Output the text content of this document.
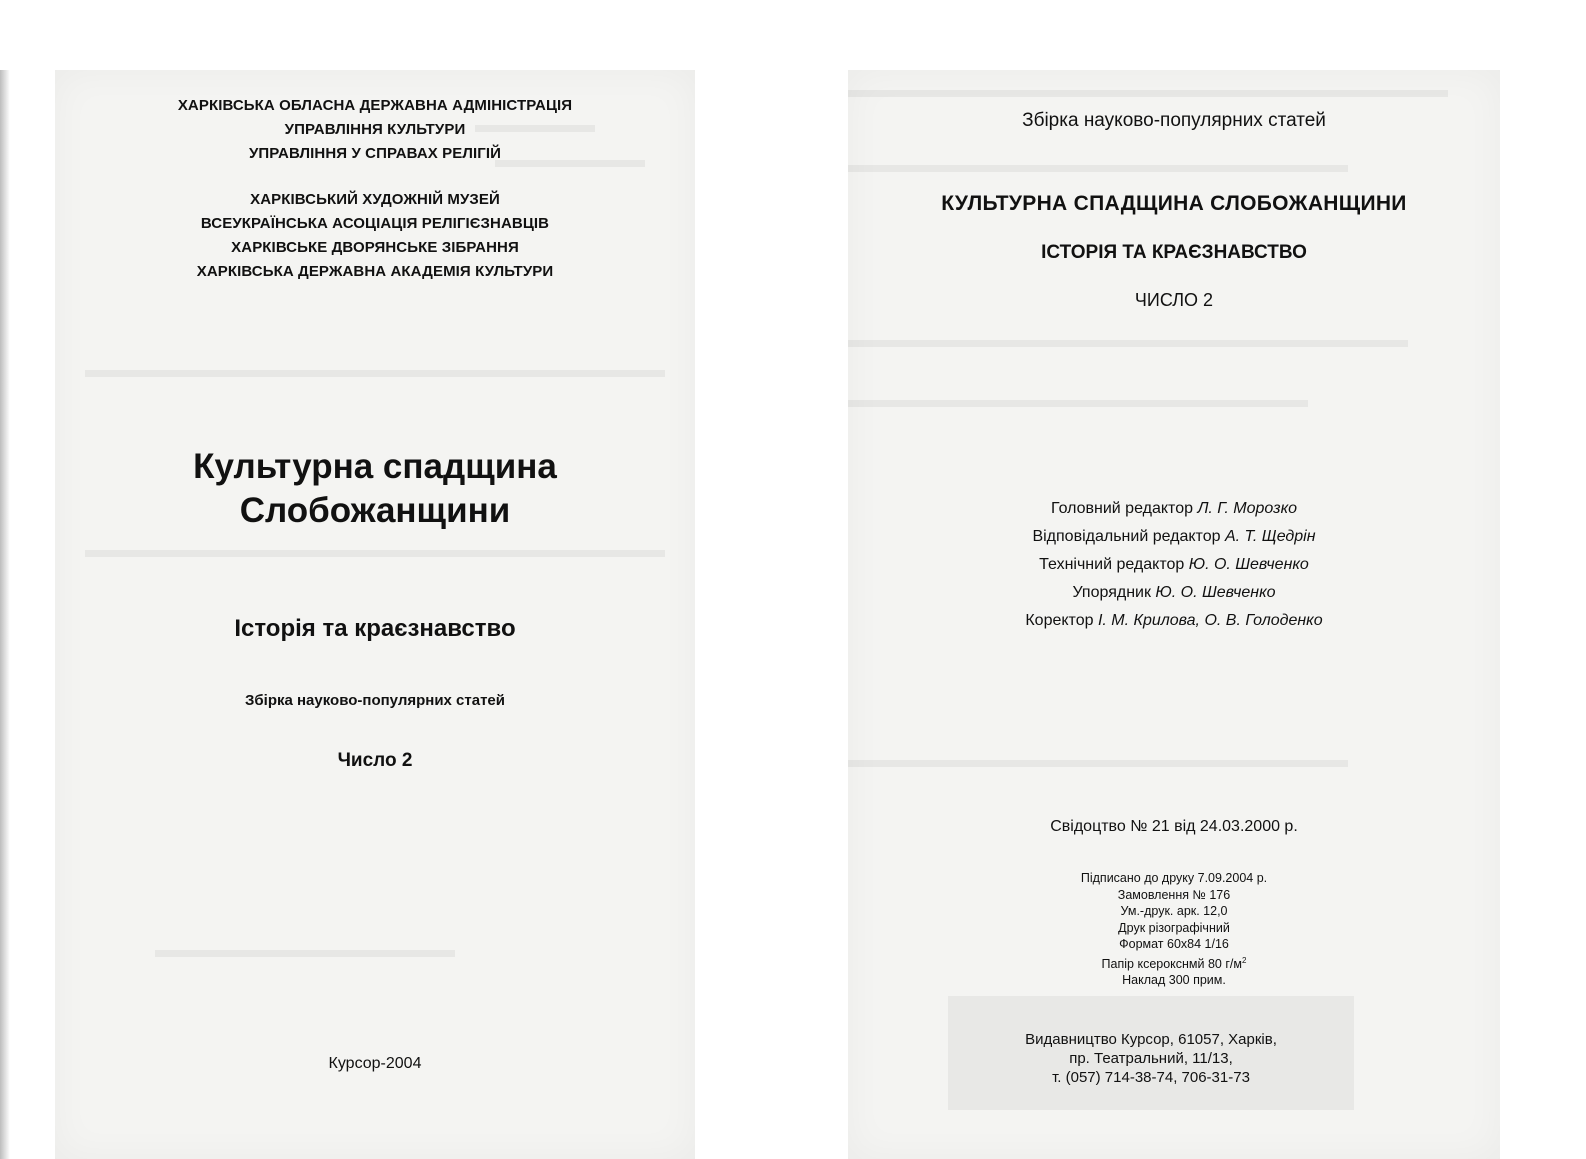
ХАРКІВСЬКА ОБЛАСНА ДЕРЖАВНА АДМІНІСТРАЦІЯ
УПРАВЛІННЯ КУЛЬТУРИ
УПРАВЛІННЯ У СПРАВАХ РЕЛІГІЙ
ХАРКІВСЬКИЙ ХУДОЖНІЙ МУЗЕЙ
ВСЕУКРАЇНСЬКА АСОЦІАЦІЯ РЕЛІГІЄЗНАВЦІВ
ХАРКІВСЬКЕ ДВОРЯНСЬКЕ ЗІБРАННЯ
ХАРКІВСЬКА ДЕРЖАВНА АКАДЕМІЯ КУЛЬТУРИ
Культурна спадщина
Слобожанщини
Історія та краєзнавство
Збірка науково-популярних статей
Число 2
Курсор-2004
Збірка науково-популярних статей
КУЛЬТУРНА СПАДЩИНА СЛОБОЖАНЩИНИ
ІСТОРІЯ ТА КРАЄЗНАВСТВО
ЧИСЛО 2
Головний редактор Л. Г. Морозко
Відповідальний редактор А. Т. Щедрін
Технічний редактор Ю. О. Шевченко
Упорядник Ю. О. Шевченко
Коректор І. М. Крилова, О. В. Голоденко
Свідоцтво № 21 від 24.03.2000 р.
Підписано до друку 7.09.2004 р.
Замовлення № 176
Ум.-друк. арк. 12,0
Друк різографічний
Формат 60x84 1/16
Папір ксерокснмй 80 $г/м^2$
Наклад 300 прим.
Видавництво Курсор, 61057, Харків,
пр. Театральний, 11/13,
т. (057) 714-38-74, 706-31-73
